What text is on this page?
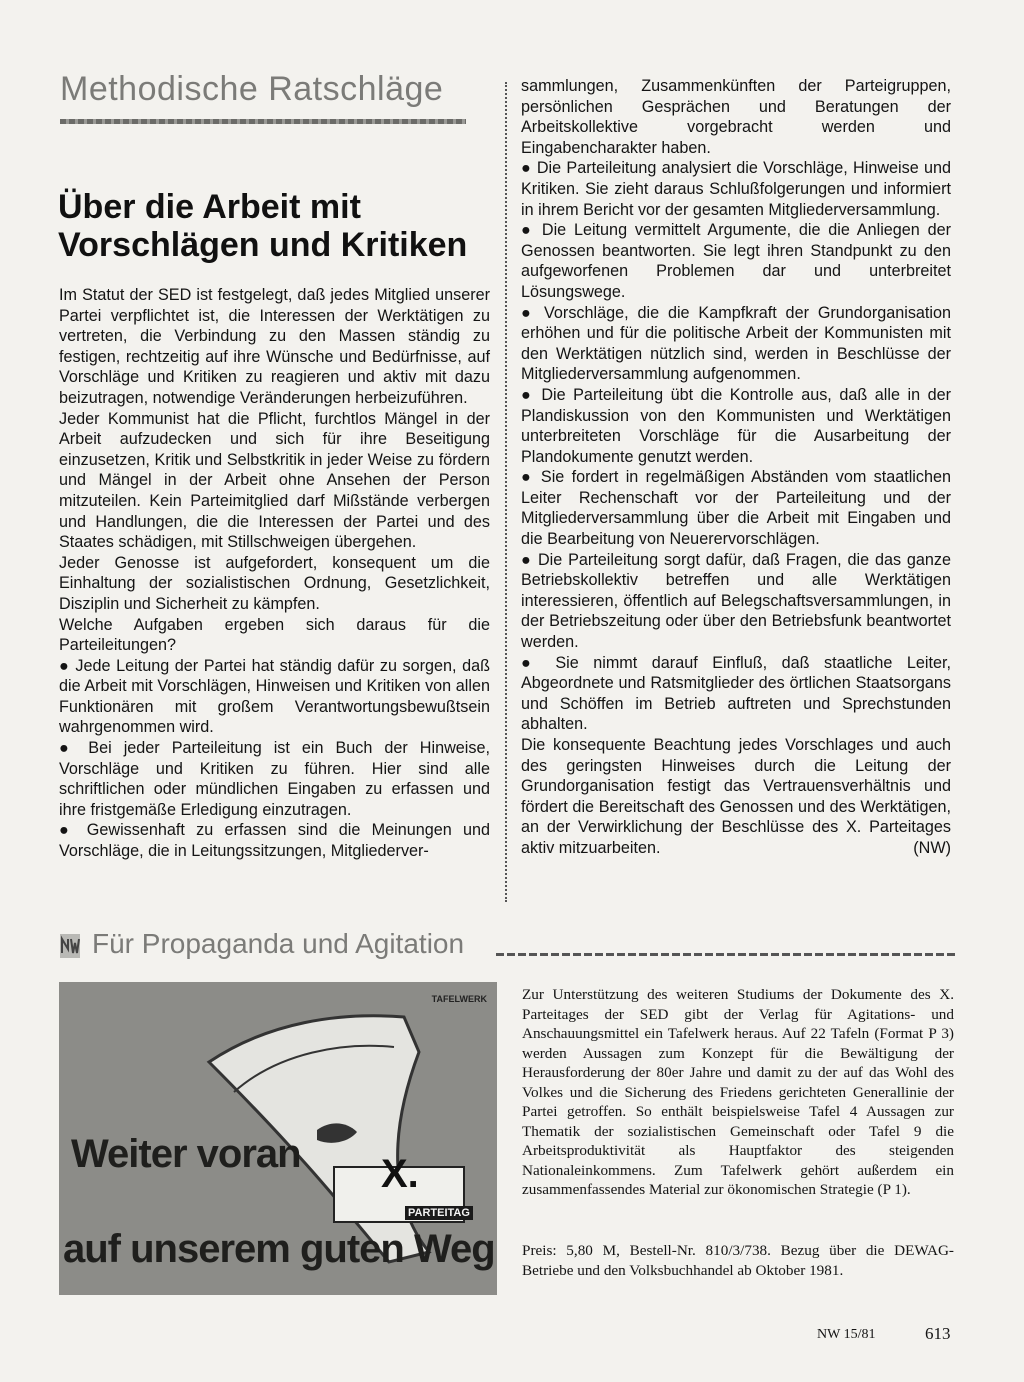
Methodische Ratschläge
Über die Arbeit mit
Vorschlägen und Kritiken

Im Statut der SED ist festgelegt, daß jedes Mitglied unserer Partei verpflichtet ist, die Interessen der Werktätigen zu vertreten, die Verbindung zu den Massen ständig zu festigen, rechtzeitig auf ihre Wünsche und Bedürfnisse, auf Vorschläge und Kritiken zu reagieren und aktiv mit dazu beizutragen, notwendige Veränderungen herbeizuführen.

Jeder Kommunist hat die Pflicht, furchtlos Mängel in der Arbeit aufzudecken und sich für ihre Beseitigung einzusetzen, Kritik und Selbstkritik in jeder Weise zu fördern und Mängel in der Arbeit ohne Ansehen der Person mitzuteilen. Kein Parteimitglied darf Mißstände verbergen und Handlungen, die die Interessen der Partei und des Staates schädigen, mit Stillschweigen übergehen.

Jeder Genosse ist aufgefordert, konsequent um die Einhaltung der sozialistischen Ordnung, Gesetzlichkeit, Disziplin und Sicherheit zu kämpfen.

Welche Aufgaben ergeben sich daraus für die Parteileitungen?

● Jede Leitung der Partei hat ständig dafür zu sorgen, daß die Arbeit mit Vorschlägen, Hinweisen und Kritiken von allen Funktionären mit großem Verantwortungsbewußtsein wahrgenommen wird.

● Bei jeder Parteileitung ist ein Buch der Hinweise, Vorschläge und Kritiken zu führen. Hier sind alle schriftlichen oder mündlichen Eingaben zu erfassen und ihre fristgemäße Erledigung einzutragen.

● Gewissenhaft zu erfassen sind die Meinungen und Vorschläge, die in Leitungssitzungen, Mitgliederver-

sammlungen, Zusammenkünften der Parteigruppen, persönlichen Gesprächen und Beratungen der Arbeitskollektive vorgebracht werden und Eingabencharakter haben.

● Die Parteileitung analysiert die Vorschläge, Hinweise und Kritiken. Sie zieht daraus Schlußfolgerungen und informiert in ihrem Bericht vor der gesamten Mitgliederversammlung.

● Die Leitung vermittelt Argumente, die die Anliegen der Genossen beantworten. Sie legt ihren Standpunkt zu den aufgeworfenen Problemen dar und unterbreitet Lösungswege.

● Vorschläge, die die Kampfkraft der Grundorganisation erhöhen und für die politische Arbeit der Kommunisten mit den Werktätigen nützlich sind, werden in Beschlüsse der Mitgliederversammlung aufgenommen.

● Die Parteileitung übt die Kontrolle aus, daß alle in der Plandiskussion von den Kommunisten und Werktätigen unterbreiteten Vorschläge für die Ausarbeitung der Plandokumente genutzt werden.

● Sie fordert in regelmäßigen Abständen vom staatlichen Leiter Rechenschaft vor der Parteileitung und der Mitgliederversammlung über die Arbeit mit Eingaben und die Bearbeitung von Neuerervorschlägen.

● Die Parteileitung sorgt dafür, daß Fragen, die das ganze Betriebskollektiv betreffen und alle Werktätigen interessieren, öffentlich auf Belegschaftsversammlungen, in der Betriebszeitung oder über den Betriebsfunk beantwortet werden.

● Sie nimmt darauf Einfluß, daß staatliche Leiter, Abgeordnete und Ratsmitglieder des örtlichen Staatsorgans und Schöffen im Betrieb auftreten und Sprechstunden abhalten.

Die konsequente Beachtung jedes Vorschlages und auch des geringsten Hinweises durch die Leitung der Grundorganisation festigt das Vertrauensverhältnis und fördert die Bereitschaft des Genossen und des Werktätigen, an der Verwirklichung der Beschlüsse des X. Parteitages aktiv mitzuarbeiten.	(NW)

Für Propaganda und Agitation
TAFELWERK
Weiter voran X.
PARTEITAG
auf unserem guten Weg

Zur Unterstützung des weiteren Studiums der Dokumente des X. Parteitages der SED gibt der Verlag für Agitations- und Anschauungsmittel ein Tafelwerk heraus. Auf 22 Tafeln (Format P 3) werden Aussagen zum Konzept für die Bewältigung der Herausforderung der 80er Jahre und damit zu der auf das Wohl des Volkes und die Sicherung des Friedens gerichteten Generallinie der Partei getroffen. So enthält beispielsweise Tafel 4 Aussagen zur Thematik der sozialistischen Gemeinschaft oder Tafel 9 die Arbeitsproduktivität als Hauptfaktor des steigenden Nationaleinkommens. Zum Tafelwerk gehört außerdem ein zusammenfassendes Material zur ökonomischen Strategie (P 1).

Preis: 5,80 M, Bestell-Nr. 810/3/738. Bezug über die DEWAG-Betriebe und den Volksbuchhandel ab Oktober 1981.

NW 15/81	613
